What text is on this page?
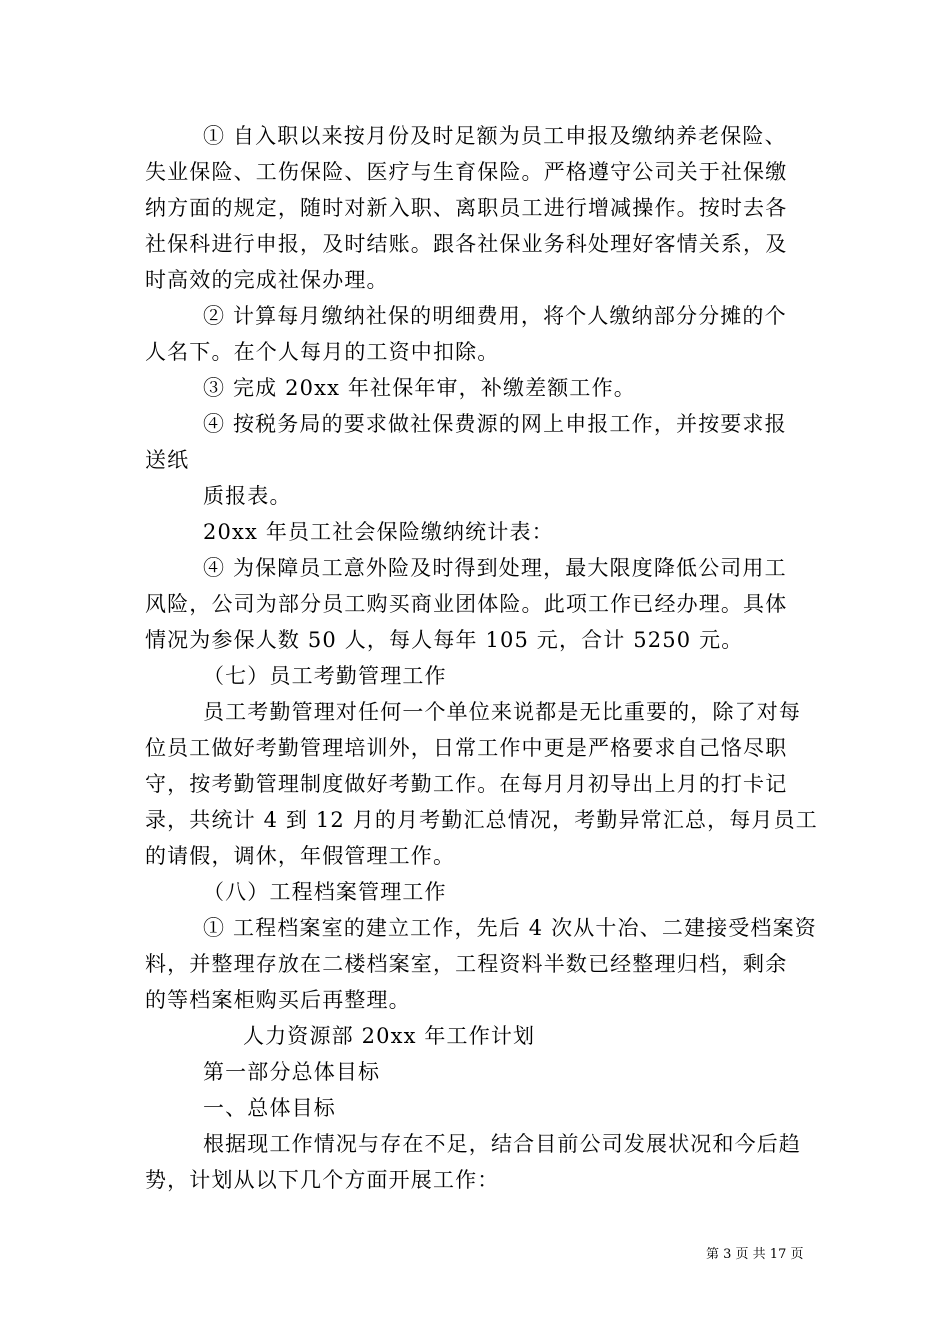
① 自入职以来按月份及时足额为员工申报及缴纳养老保险、
失业保险、工伤保险、医疗与生育保险。严格遵守公司关于社保缴
纳方面的规定，随时对新入职、离职员工进行增减操作。按时去各
社保科进行申报，及时结账。跟各社保业务科处理好客情关系，及
时高效的完成社保办理。
② 计算每月缴纳社保的明细费用，将个人缴纳部分分摊的个
人名下。在个人每月的工资中扣除。
③ 完成 20xx 年社保年审，补缴差额工作。
④ 按税务局的要求做社保费源的网上申报工作，并按要求报
送纸
质报表。
20xx 年员工社会保险缴纳统计表：
④ 为保障员工意外险及时得到处理，最大限度降低公司用工
风险，公司为部分员工购买商业团体险。此项工作已经办理。具体
情况为参保人数 50 人，每人每年 105 元，合计 5250 元。
（七）员工考勤管理工作
员工考勤管理对任何一个单位来说都是无比重要的，除了对每
位员工做好考勤管理培训外，日常工作中更是严格要求自己恪尽职
守，按考勤管理制度做好考勤工作。在每月月初导出上月的打卡记
录，共统计 4 到 12 月的月考勤汇总情况，考勤异常汇总，每月员工
的请假，调休，年假管理工作。
（八）工程档案管理工作
① 工程档案室的建立工作，先后 4 次从十冶、二建接受档案资
料，并整理存放在二楼档案室，工程资料半数已经整理归档，剩余
的等档案柜购买后再整理。
人力资源部 20xx 年工作计划
第一部分总体目标
一、总体目标
根据现工作情况与存在不足，结合目前公司发展状况和今后趋
势，计划从以下几个方面开展工作：
第 3 页 共 17 页
